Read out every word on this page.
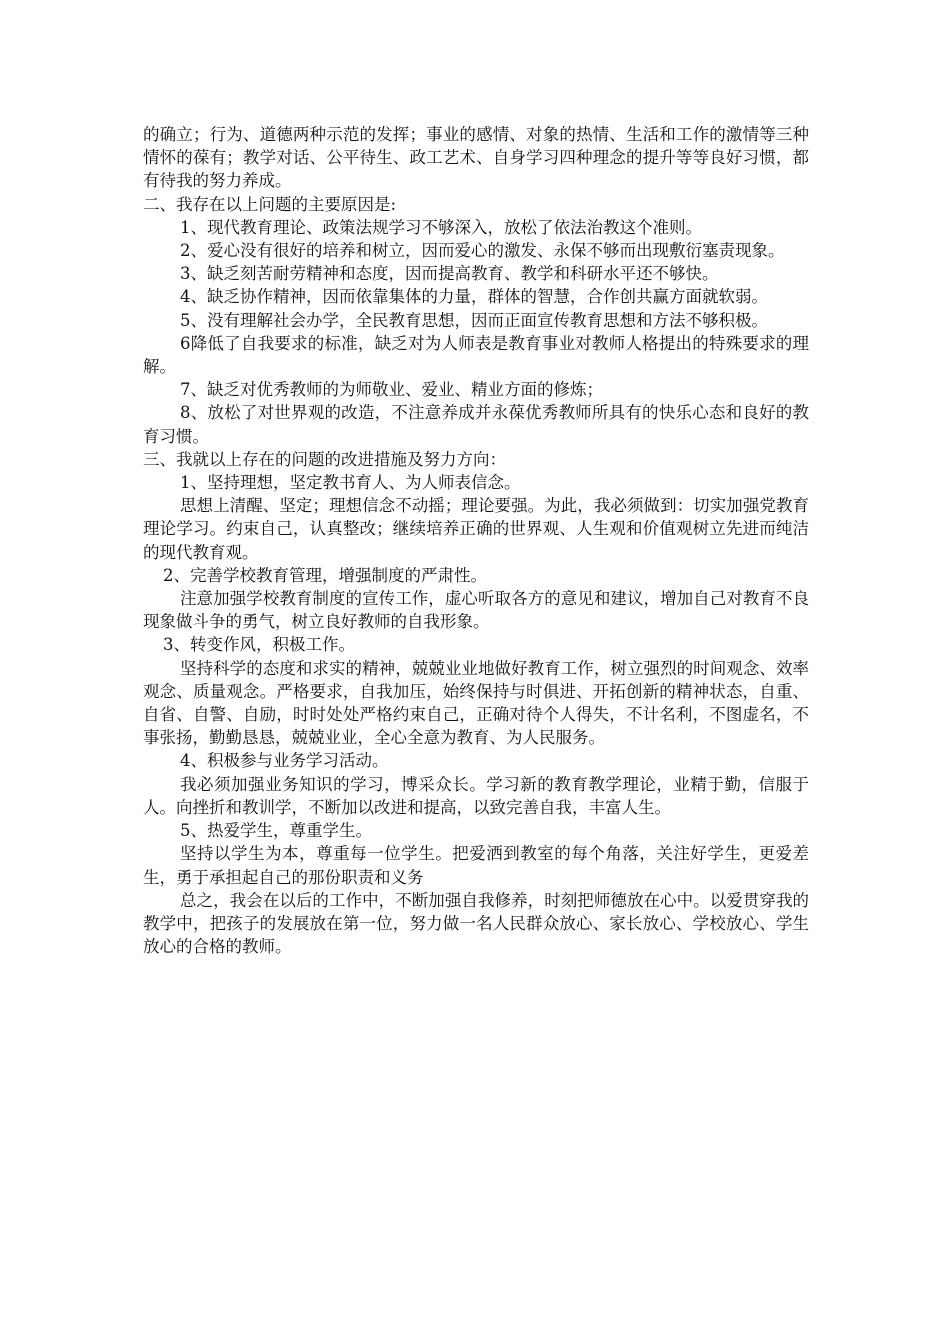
的确立；行为、道德两种示范的发挥；事业的感情、对象的热情、生活和工作的激情等三种情怀的葆有；教学对话、公平待生、政工艺术、自身学习四种理念的提升等等良好习惯，都有待我的努力养成。

二、我存在以上问题的主要原因是:

1、现代教育理论、政策法规学习不够深入，放松了依法治教这个准则。

2、爱心没有很好的培养和树立，因而爱心的激发、永保不够而出现敷衍塞责现象。

3、缺乏刻苦耐劳精神和态度，因而提高教育、教学和科研水平还不够快。

4、缺乏协作精神，因而依靠集体的力量，群体的智慧，合作创共赢方面就软弱。

5、没有理解社会办学，全民教育思想，因而正面宣传教育思想和方法不够积极。

6降低了自我要求的标准，缺乏对为人师表是教育事业对教师人格提出的特殊要求的理解。

7、缺乏对优秀教师的为师敬业、爱业、精业方面的修炼；

8、放松了对世界观的改造，不注意养成并永葆优秀教师所具有的快乐心态和良好的教育习惯。

三、我就以上存在的问题的改进措施及努力方向：

1、坚持理想，坚定教书育人、为人师表信念。

思想上清醒、坚定；理想信念不动摇；理论要强。为此，我必须做到：切实加强党教育理论学习。约束自己，认真整改；继续培养正确的世界观、人生观和价值观树立先进而纯洁的现代教育观。

2、完善学校教育管理，增强制度的严肃性。

注意加强学校教育制度的宣传工作，虚心听取各方的意见和建议，增加自己对教育不良现象做斗争的勇气，树立良好教师的自我形象。

3、转变作风，积极工作。

坚持科学的态度和求实的精神，兢兢业业地做好教育工作，树立强烈的时间观念、效率观念、质量观念。严格要求，自我加压，始终保持与时俱进、开拓创新的精神状态，自重、自省、自警、自励，时时处处严格约束自己，正确对待个人得失，不计名利，不图虚名，不事张扬，勤勤恳恳，兢兢业业，全心全意为教育、为人民服务。

4、积极参与业务学习活动。

我必须加强业务知识的学习，博采众长。学习新的教育教学理论，业精于勤，信服于人。向挫折和教训学，不断加以改进和提高，以致完善自我，丰富人生。

5、热爱学生，尊重学生。

坚持以学生为本，尊重每一位学生。把爱洒到教室的每个角落，关注好学生，更爱差生，勇于承担起自己的那份职责和义务

总之，我会在以后的工作中，不断加强自我修养，时刻把师德放在心中。以爱贯穿我的教学中，把孩子的发展放在第一位，努力做一名人民群众放心、家长放心、学校放心、学生放心的合格的教师。
